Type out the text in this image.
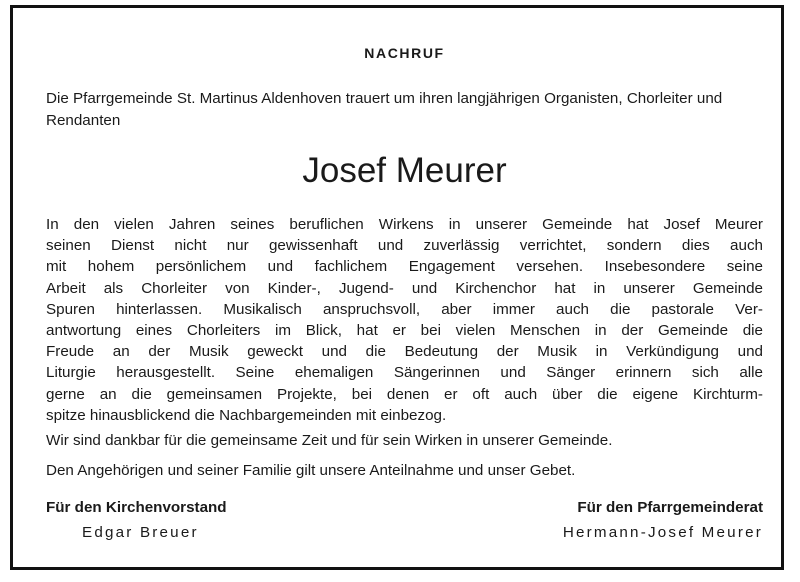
NACHRUF
Die Pfarrgemeinde St. Martinus Aldenhoven trauert um ihren langjährigen Organisten, Chorleiter und Rendanten
Josef Meurer
In den vielen Jahren seines beruflichen Wirkens in unserer Gemeinde hat Josef Meurer
seinen Dienst nicht nur gewissenhaft und zuverlässig verrichtet, sondern dies auch
mit hohem persönlichem und fachlichem Engagement versehen. Insebesondere seine
Arbeit als Chorleiter von Kinder-, Jugend- und Kirchenchor hat in unserer Gemeinde
Spuren hinterlassen. Musikalisch anspruchsvoll, aber immer auch die pastorale Ver-
antwortung eines Chorleiters im Blick, hat er bei vielen Menschen in der Gemeinde die
Freude an der Musik geweckt und die Bedeutung der Musik in Verkündigung und
Liturgie herausgestellt. Seine ehemaligen Sängerinnen und Sänger erinnern sich alle
gerne an die gemeinsamen Projekte, bei denen er oft auch über die eigene Kirchturm-
spitze hinausblickend die Nachbargemeinden mit einbezog.
Wir sind dankbar für die gemeinsame Zeit und für sein Wirken in unserer Gemeinde.
Den Angehörigen und seiner Familie gilt unsere Anteilnahme und unser Gebet.
Für den Kirchenvorstand
Edgar Breuer
Für den Pfarrgemeinderat
Hermann-Josef Meurer
